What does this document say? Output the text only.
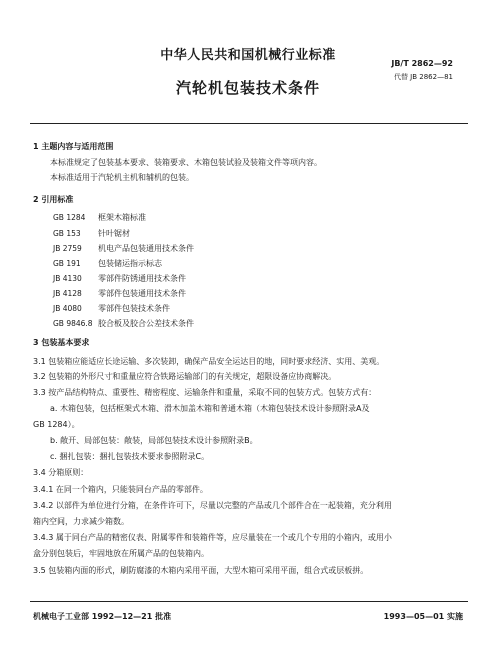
中华人民共和国机械行业标准
JB/T 2862—92
代替 JB 2862—81
汽轮机包装技术条件
1 主题内容与适用范围
本标准规定了包装基本要求、装箱要求、木箱包装试验及装箱文件等项内容。
本标准适用于汽轮机主机和辅机的包装。
2 引用标准
GB 1284 框架木箱标准
GB 153 针叶锯材
JB 2759 机电产品包装通用技术条件
GB 191 包装储运指示标志
JB 4130 零部件防锈通用技术条件
JB 4128 零部件包装通用技术条件
JB 4080 零部件包装技术条件
GB 9846.8 胶合板及胶合公差技术条件
3 包装基本要求
3.1 包装箱应能适应长途运输、多次装卸，确保产品安全运达目的地，同时要求经济、实用、美观。
3.2 包装箱的外形尺寸和重量应符合铁路运输部门的有关规定，超限设备应协商解决。
3.3 按产品结构特点、重要性、精密程度、运输条件和重量，采取不同的包装方式。包装方式有：
a. 木箱包装，包括框架式木箱、滑木加盖木箱和普通木箱（木箱包装技术设计参照附录A及
GB 1284）。
b. 敞开、局部包装：敞装，局部包装技术设计参照附录B。
c. 捆扎包装：捆扎包装技术要求参照附录C。
3.4 分箱原则：
3.4.1 在同一个箱内，只能装同台产品的零部件。
3.4.2 以部件为单位进行分箱，在条件许可下，尽量以完整的产品或几个部件合在一起装箱，充分利用
箱内空间，力求减少箱数。
3.4.3 属于同台产品的精密仪表、附属零件和装箱件等，应尽量装在一个或几个专用的小箱内，或用小
盒分别包装后，牢固地放在所属产品的包装箱内。
3.5 包装箱内面的形式，刷防腐漆的木箱内采用平面，大型木箱可采用平面，组合式或层板拼。
机械电子工业部 1992—12—21 批准	1993—05—01 实施
